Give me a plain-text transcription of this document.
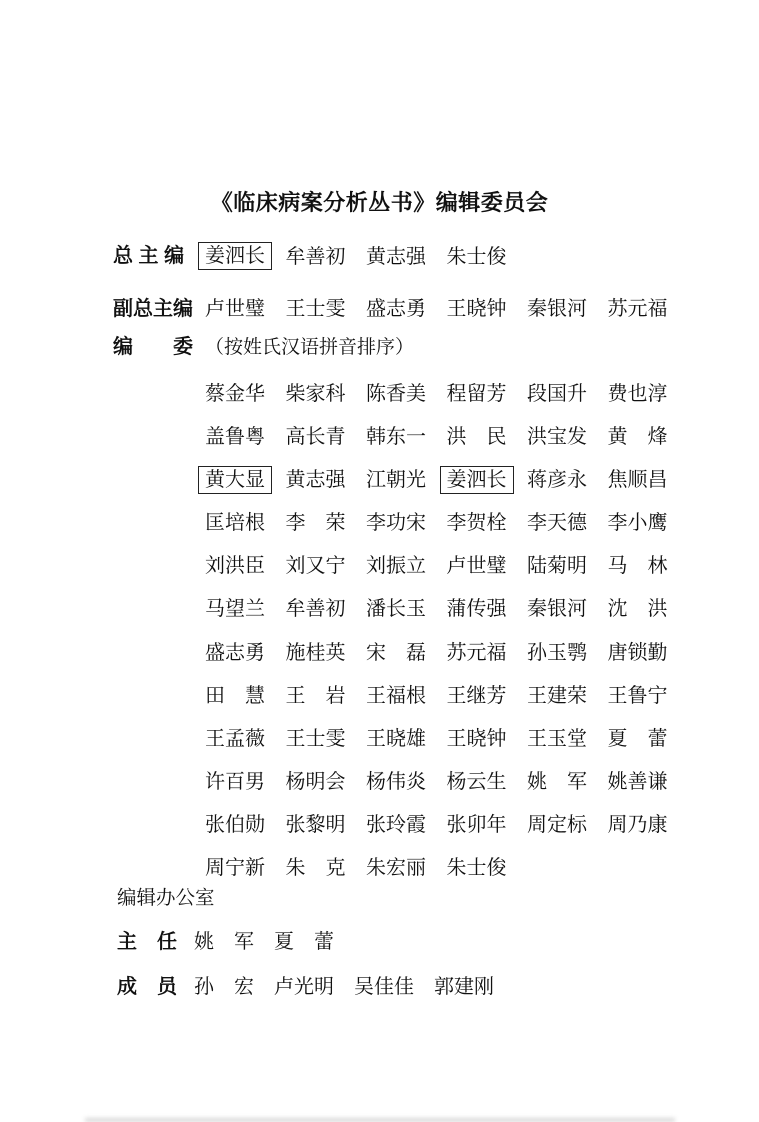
《临床病案分析丛书》编辑委员会
总 主 编	姜泗长	牟善初 黄志强 朱士俊
副总主编 卢世璧 王士雯 盛志勇 王晓钟 秦银河 苏元福
编　　委 （按姓氏汉语拼音排序）
蔡金华 柴家科 陈香美 程留芳 段国升 费也淳
盖鲁粤 高长青 韩东一 洪　民 洪宝发 黄　烽
黄大显	黄志强 江朝光	姜泗长	蒋彦永 焦顺昌
匡培根 李　荣 李功宋 李贺栓 李天德 李小鹰
刘洪臣 刘又宁 刘振立 卢世璧 陆菊明 马　林
马望兰 牟善初 潘长玉 蒲传强 秦银河 沈　洪
盛志勇 施桂英 宋　磊 苏元福 孙玉鹗 唐锁勤
田　慧 王　岩 王福根 王继芳 王建荣 王鲁宁
王孟薇 王士雯 王晓雄 王晓钟 王玉堂 夏　蕾
许百男 杨明会 杨伟炎 杨云生 姚　军 姚善谦
张伯勋 张黎明 张玲霞 张卯年 周定标 周乃康
周宁新 朱　克 朱宏丽 朱士俊
编辑办公室
主　任 姚　军 夏　蕾
成　员 孙　宏 卢光明 吴佳佳 郭建刚
